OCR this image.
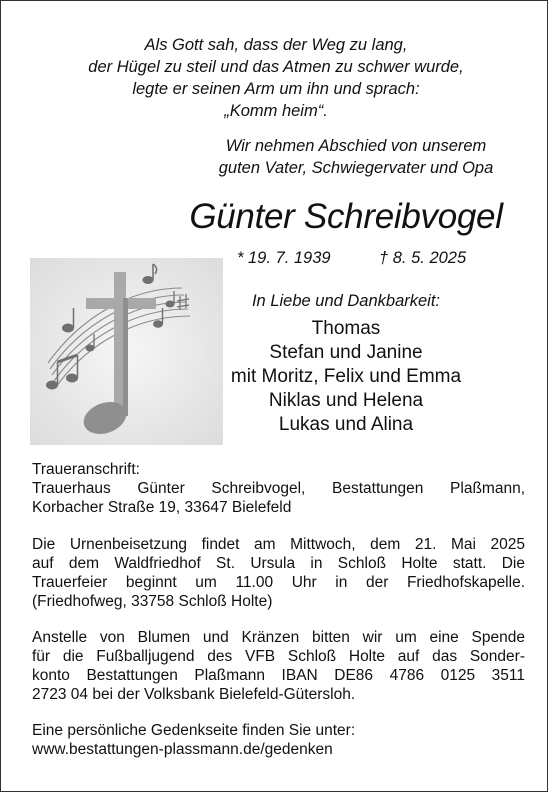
Als Gott sah, dass der Weg zu lang,
der Hügel zu steil und das Atmen zu schwer wurde,
legte er seinen Arm um ihn und sprach:
„Komm heim“.
Wir nehmen Abschied von unserem
guten Vater, Schwiegervater und Opa
Günter Schreibvogel
* 19. 7. 1939	† 8. 5. 2025
In Liebe und Dankbarkeit:
Thomas
Stefan und Janine
mit Moritz, Felix und Emma
Niklas und Helena
Lukas und Alina
Traueranschrift:
Trauerhaus Günter Schreibvogel, Bestattungen Plaßmann,
Korbacher Straße 19, 33647 Bielefeld
Die Urnenbeisetzung findet am Mittwoch, dem 21. Mai 2025
auf dem Waldfriedhof St. Ursula in Schloß Holte statt. Die
Trauerfeier beginnt um 11.00 Uhr in der Friedhofskapelle.
(Friedhofweg, 33758 Schloß Holte)
Anstelle von Blumen und Kränzen bitten wir um eine Spende
für die Fußballjugend des VFB Schloß Holte auf das Sonder-
konto Bestattungen Plaßmann IBAN DE86 4786 0125 3511
2723 04 bei der Volksbank Bielefeld-Gütersloh.
Eine persönliche Gedenkseite finden Sie unter:
www.bestattungen-plassmann.de/gedenken
